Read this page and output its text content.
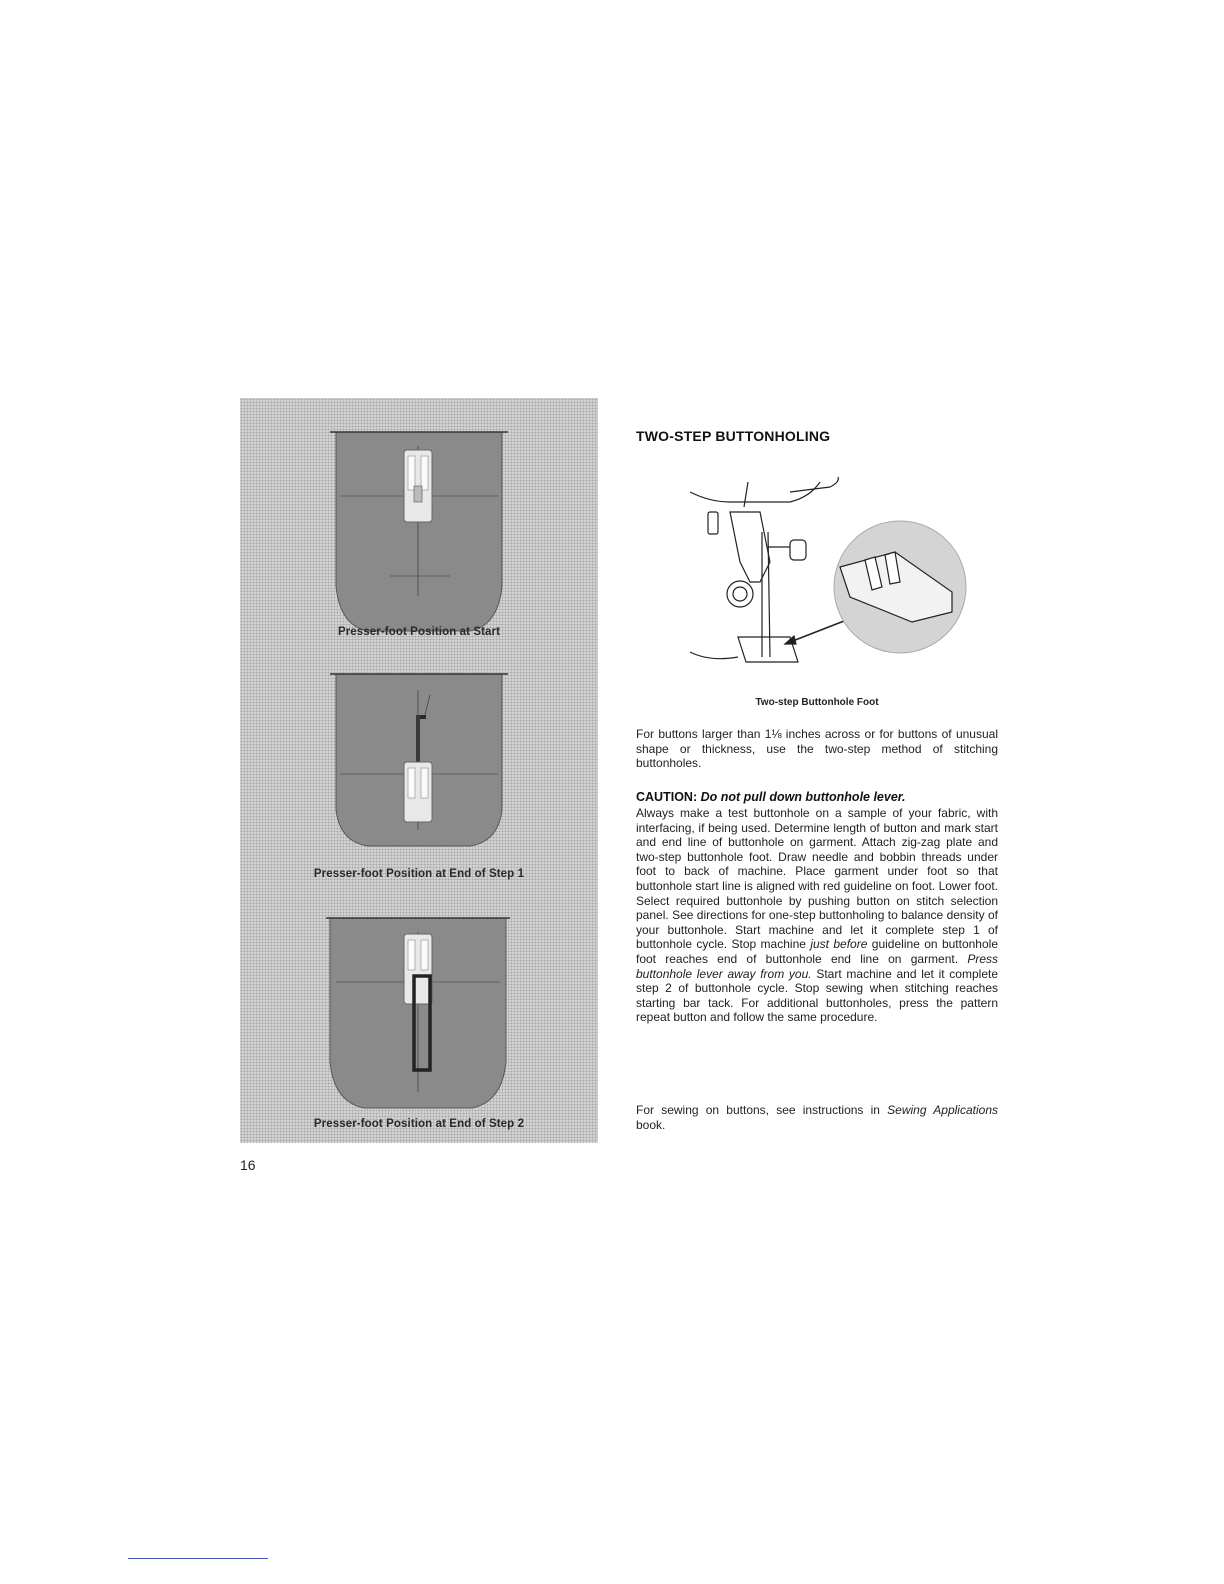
Presser-foot Position at Start
Presser-foot Position at End of Step 1
Presser-foot Position at End of Step 2
TWO-STEP BUTTONHOLING
Two-step Buttonhole Foot

For buttons larger than 1⅛ inches across or for buttons of unusual shape or thickness, use the two-step method of stitching buttonholes.

CAUTION: Do not pull down buttonhole lever.

Always make a test buttonhole on a sample of your fabric, with interfacing, if being used. Determine length of button and mark start and end line of buttonhole on garment. Attach zig-zag plate and two-step buttonhole foot. Draw needle and bobbin threads under foot to back of machine. Place garment under foot so that buttonhole start line is aligned with red guideline on foot. Lower foot. Select required buttonhole by pushing button on stitch selection panel. See directions for one-step buttonholing to balance density of your buttonhole. Start machine and let it complete step 1 of buttonhole cycle. Stop machine just before guideline on buttonhole foot reaches end of buttonhole end line on garment. Press buttonhole lever away from you. Start machine and let it complete step 2 of buttonhole cycle. Stop sewing when stitching reaches starting bar tack. For additional buttonholes, press the pattern repeat button and follow the same procedure.

For sewing on buttons, see instructions in Sewing Applications book.

16
